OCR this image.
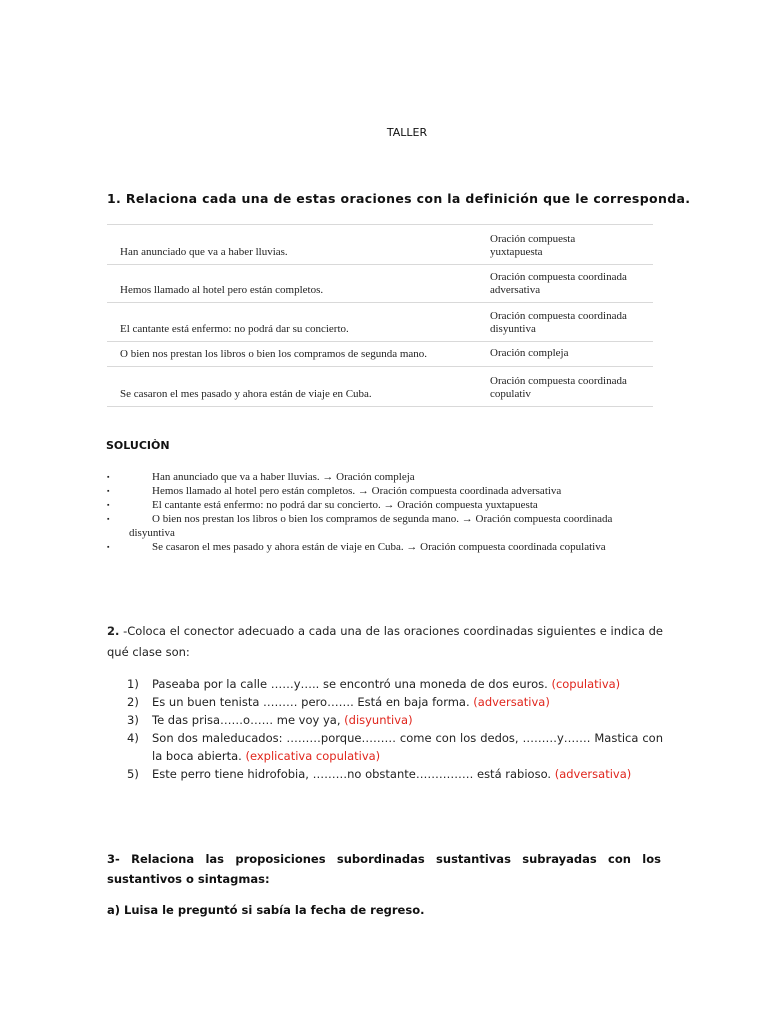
TALLER
1. Relaciona cada una de estas oraciones con la definición que le corresponda.
Han anunciado que va a haber lluvias.	Oración compuesta
yuxtapuesta
Hemos llamado al hotel pero están completos.	Oración compuesta coordinada
adversativa
El cantante está enfermo: no podrá dar su concierto.	Oración compuesta coordinada
disyuntiva
O bien nos prestan los libros o bien los compramos de segunda mano.	Oración compleja
Se casaron el mes pasado y ahora están de viaje en Cuba.	Oración compuesta coordinada
copulativ
SOLUCIÒN
▪	Han anunciado que va a haber lluvias. → Oración compleja
▪	Hemos llamado al hotel pero están completos. → Oración compuesta coordinada adversativa
▪	El cantante está enfermo: no podrá dar su concierto. → Oración compuesta yuxtapuesta
▪	O bien nos prestan los libros o bien los compramos de segunda mano. → Oración compuesta coordinada
disyuntiva
▪	Se casaron el mes pasado y ahora están de viaje en Cuba. → Oración compuesta coordinada copulativa
2. -Coloca el conector adecuado a cada una de las oraciones coordinadas siguientes e indica de qué clase son:
1) Paseaba por la calle ……y….. se encontró una moneda de dos euros. (copulativa)
2) Es un buen tenista ……… pero……. Está en baja forma. (adversativa)
3) Te das prisa……o…… me voy ya, (disyuntiva)
4) Son dos maleducados: ………porque……… come con los dedos, ………y……. Mastica con la boca abierta. (explicativa copulativa)
5) Este perro tiene hidrofobia, ………no obstante…………… está rabioso. (adversativa)
3- Relaciona las proposiciones subordinadas sustantivas subrayadas con los sustantivos o sintagmas:
a) Luisa le preguntó si sabía la fecha de regreso.
